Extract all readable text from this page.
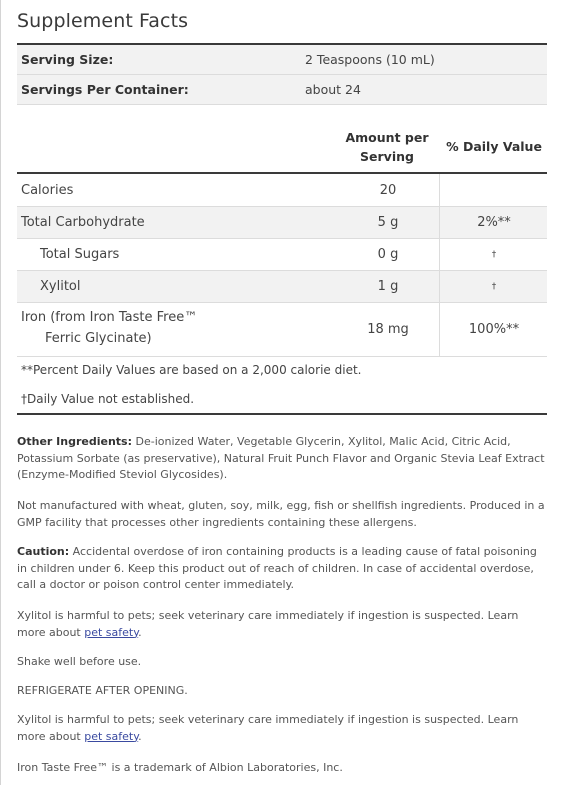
Supplement Facts
Serving Size:	2 Teaspoons (10 mL)
Servings Per Container:	about 24
Amount per
Serving
% Daily Value
Calories	20
Total Carbohydrate	5 g	2%**
Total Sugars	0 g	†
Xylitol	1 g	†
Iron (from Iron Taste Free™
Ferric Glycinate)
18 mg	100%**
**Percent Daily Values are based on a 2,000 calorie diet.
†Daily Value not established.
Other Ingredients: De-ionized Water, Vegetable Glycerin, Xylitol, Malic Acid, Citric Acid, Potassium Sorbate (as preservative), Natural Fruit Punch Flavor and Organic Stevia Leaf Extract (Enzyme-Modified Steviol Glycosides).
Not manufactured with wheat, gluten, soy, milk, egg, fish or shellfish ingredients. Produced in a GMP facility that processes other ingredients containing these allergens.
Caution: Accidental overdose of iron containing products is a leading cause of fatal poisoning in children under 6. Keep this product out of reach of children. In case of accidental overdose, call a doctor or poison control center immediately.
Xylitol is harmful to pets; seek veterinary care immediately if ingestion is suspected. Learn more about pet safety.
Shake well before use.
REFRIGERATE AFTER OPENING.
Xylitol is harmful to pets; seek veterinary care immediately if ingestion is suspected. Learn more about pet safety.
Iron Taste Free™ is a trademark of Albion Laboratories, Inc.
